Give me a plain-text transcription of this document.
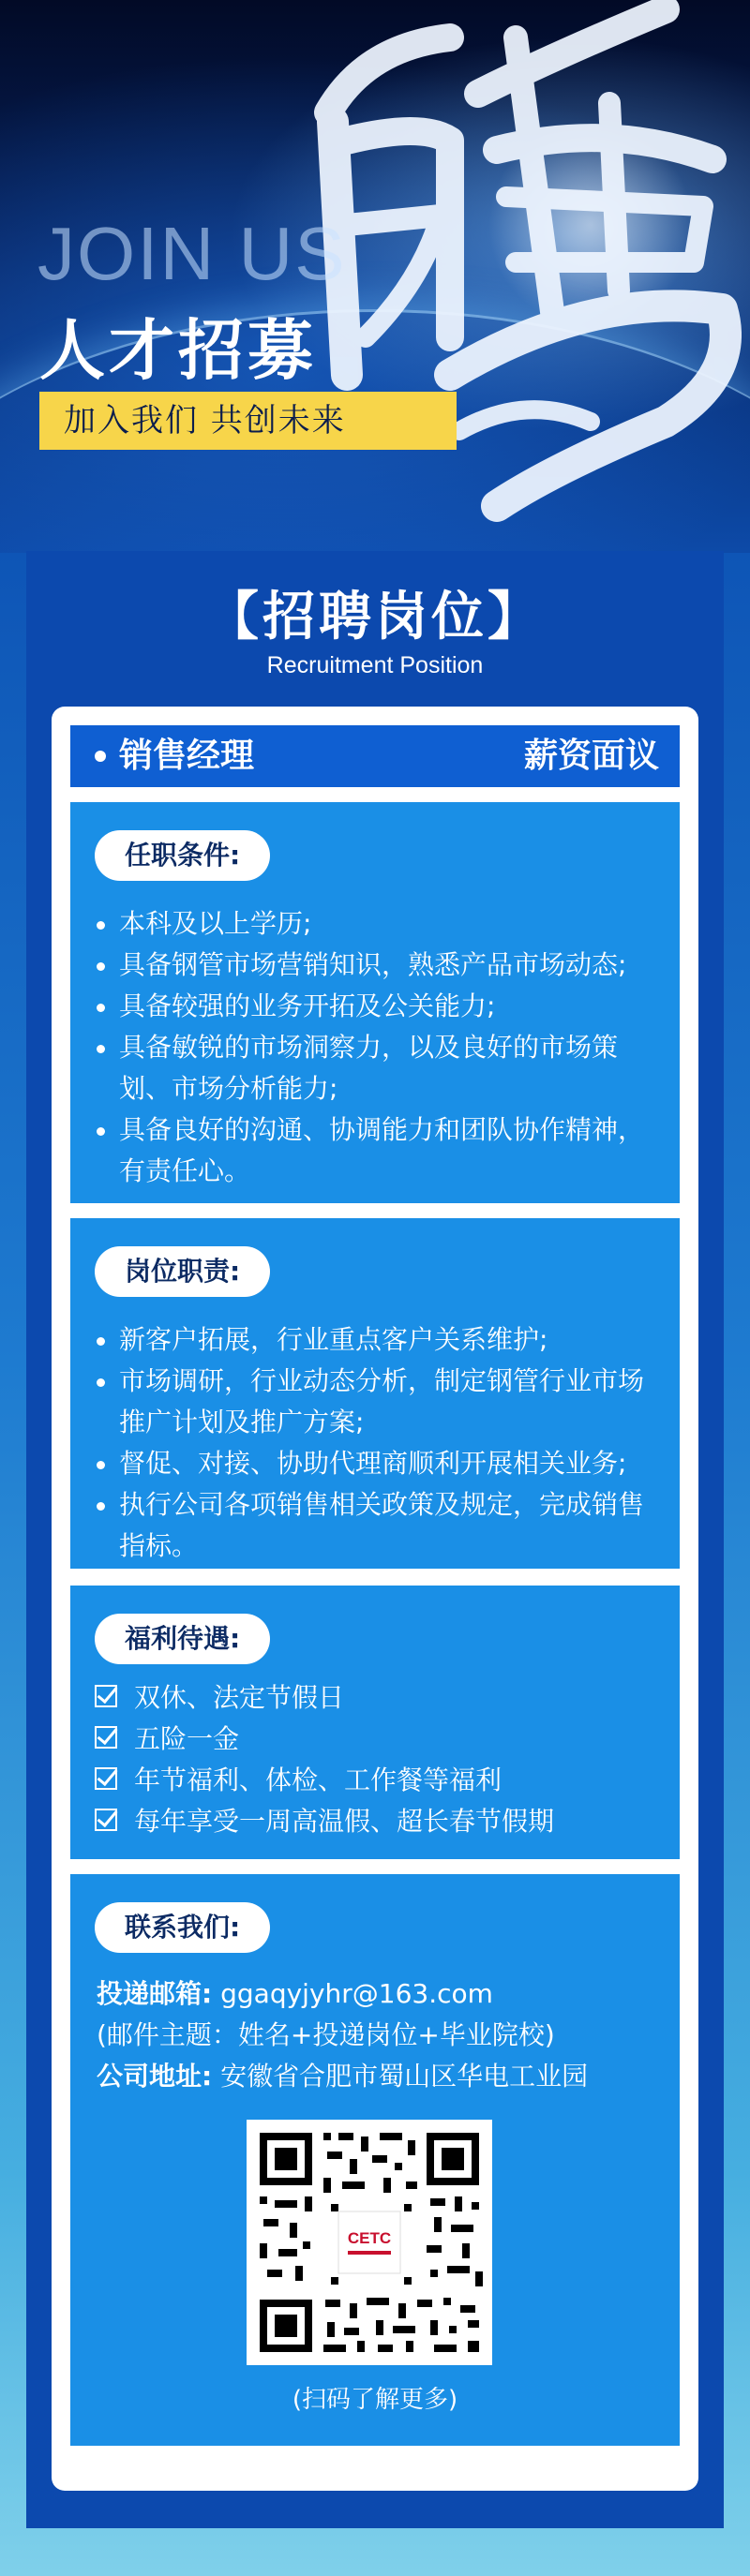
JOIN US
人才招募
加入我们 共创未来
【招聘岗位】
Recruitment Position
销售经理	薪资面议
任职条件:
本科及以上学历;
具备钢管市场营销知识，熟悉产品市场动态;
具备较强的业务开拓及公关能力;
具备敏锐的市场洞察力，以及良好的市场策划、市场分析能力;
具备良好的沟通、协调能力和团队协作精神，有责任心。
岗位职责:
新客户拓展，行业重点客户关系维护;
市场调研，行业动态分析，制定钢管行业市场推广计划及推广方案;
督促、对接、协助代理商顺利开展相关业务;
执行公司各项销售相关政策及规定，完成销售指标。
福利待遇:
双休、法定节假日
五险一金
年节福利、体检、工作餐等福利
每年享受一周高温假、超长春节假期
联系我们:
投递邮箱: ggaqyjyhr@163.com
(邮件主题：姓名+投递岗位+毕业院校)
公司地址: 安徽省合肥市蜀山区华电工业园
CETC
(扫码了解更多)
